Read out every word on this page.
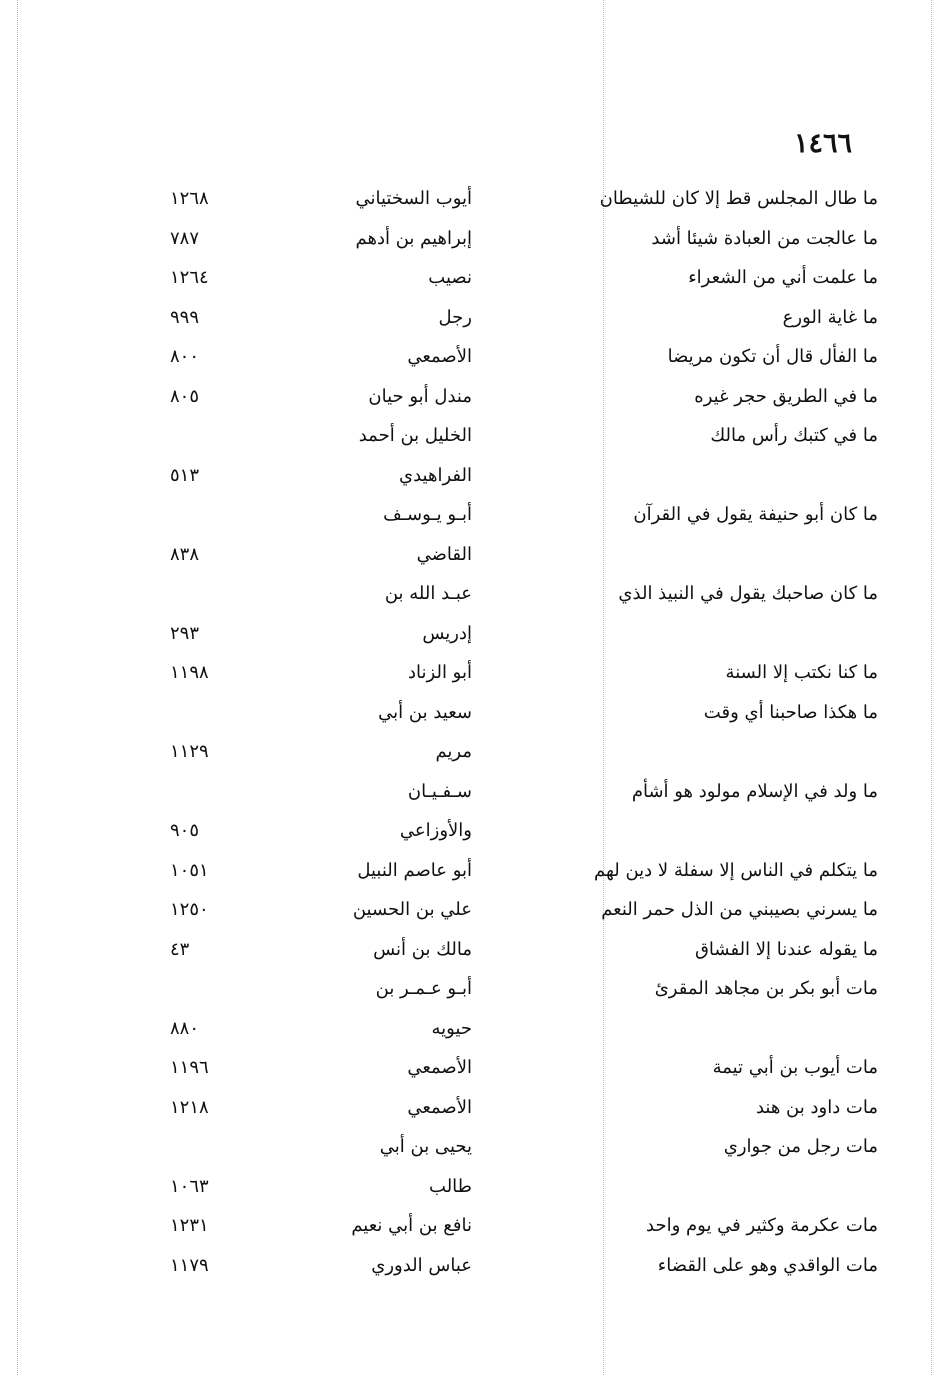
١٤٦٦
ما طال المجلس قط إلا كان للشيطان
أيوب السختياني
١٢٦٨
ما عالجت من العبادة شيئا أشد
إبراهيم بن أدهم
٧٨٧
ما علمت أني من الشعراء
نصيب
١٢٦٤
ما غاية الورع
رجل
٩٩٩
ما الفأل قال أن تكون مريضا
الأصمعي
٨٠٠
ما في الطريق حجر غيره
مندل أبو حيان
٨٠٥
ما في كتبك رأس مالك
الخليل بن أحمد
الفراهيدي
٥١٣
ما كان أبو حنيفة يقول في القرآن
أبـو يـوسـف
القاضي
٨٣٨
ما كان صاحبك يقول في النبيذ الذي
عبـد الله بن
إدريس
٢٩٣
ما كنا نكتب إلا السنة
أبو الزناد
١١٩٨
ما هكذا صاحبنا أي وقت
سعيد بن أبي
مريم
١١٢٩
ما ولد في الإسلام مولود هو أشأم
سـفـيـان
والأوزاعي
٩٠٥
ما يتكلم في الناس إلا سفلة لا دين لهم
أبو عاصم النبيل
١٠٥١
ما يسرني بصيبني من الذل حمر النعم
علي بن الحسين
١٢٥٠
ما يقوله عندنا إلا الفشاق
مالك بن أنس
٤٣
مات أبو بكر بن مجاهد المقرئ
أبـو عـمـر بن
حيويه
٨٨٠
مات أيوب بن أبي تيمة
الأصمعي
١١٩٦
مات داود بن هند
الأصمعي
١٢١٨
مات رجل من جواري
يحيى بن أبي
طالب
١٠٦٣
مات عكرمة وكثير في يوم واحد
نافع بن أبي نعيم
١٢٣١
مات الواقدي وهو على القضاء
عباس الدوري
١١٧٩
